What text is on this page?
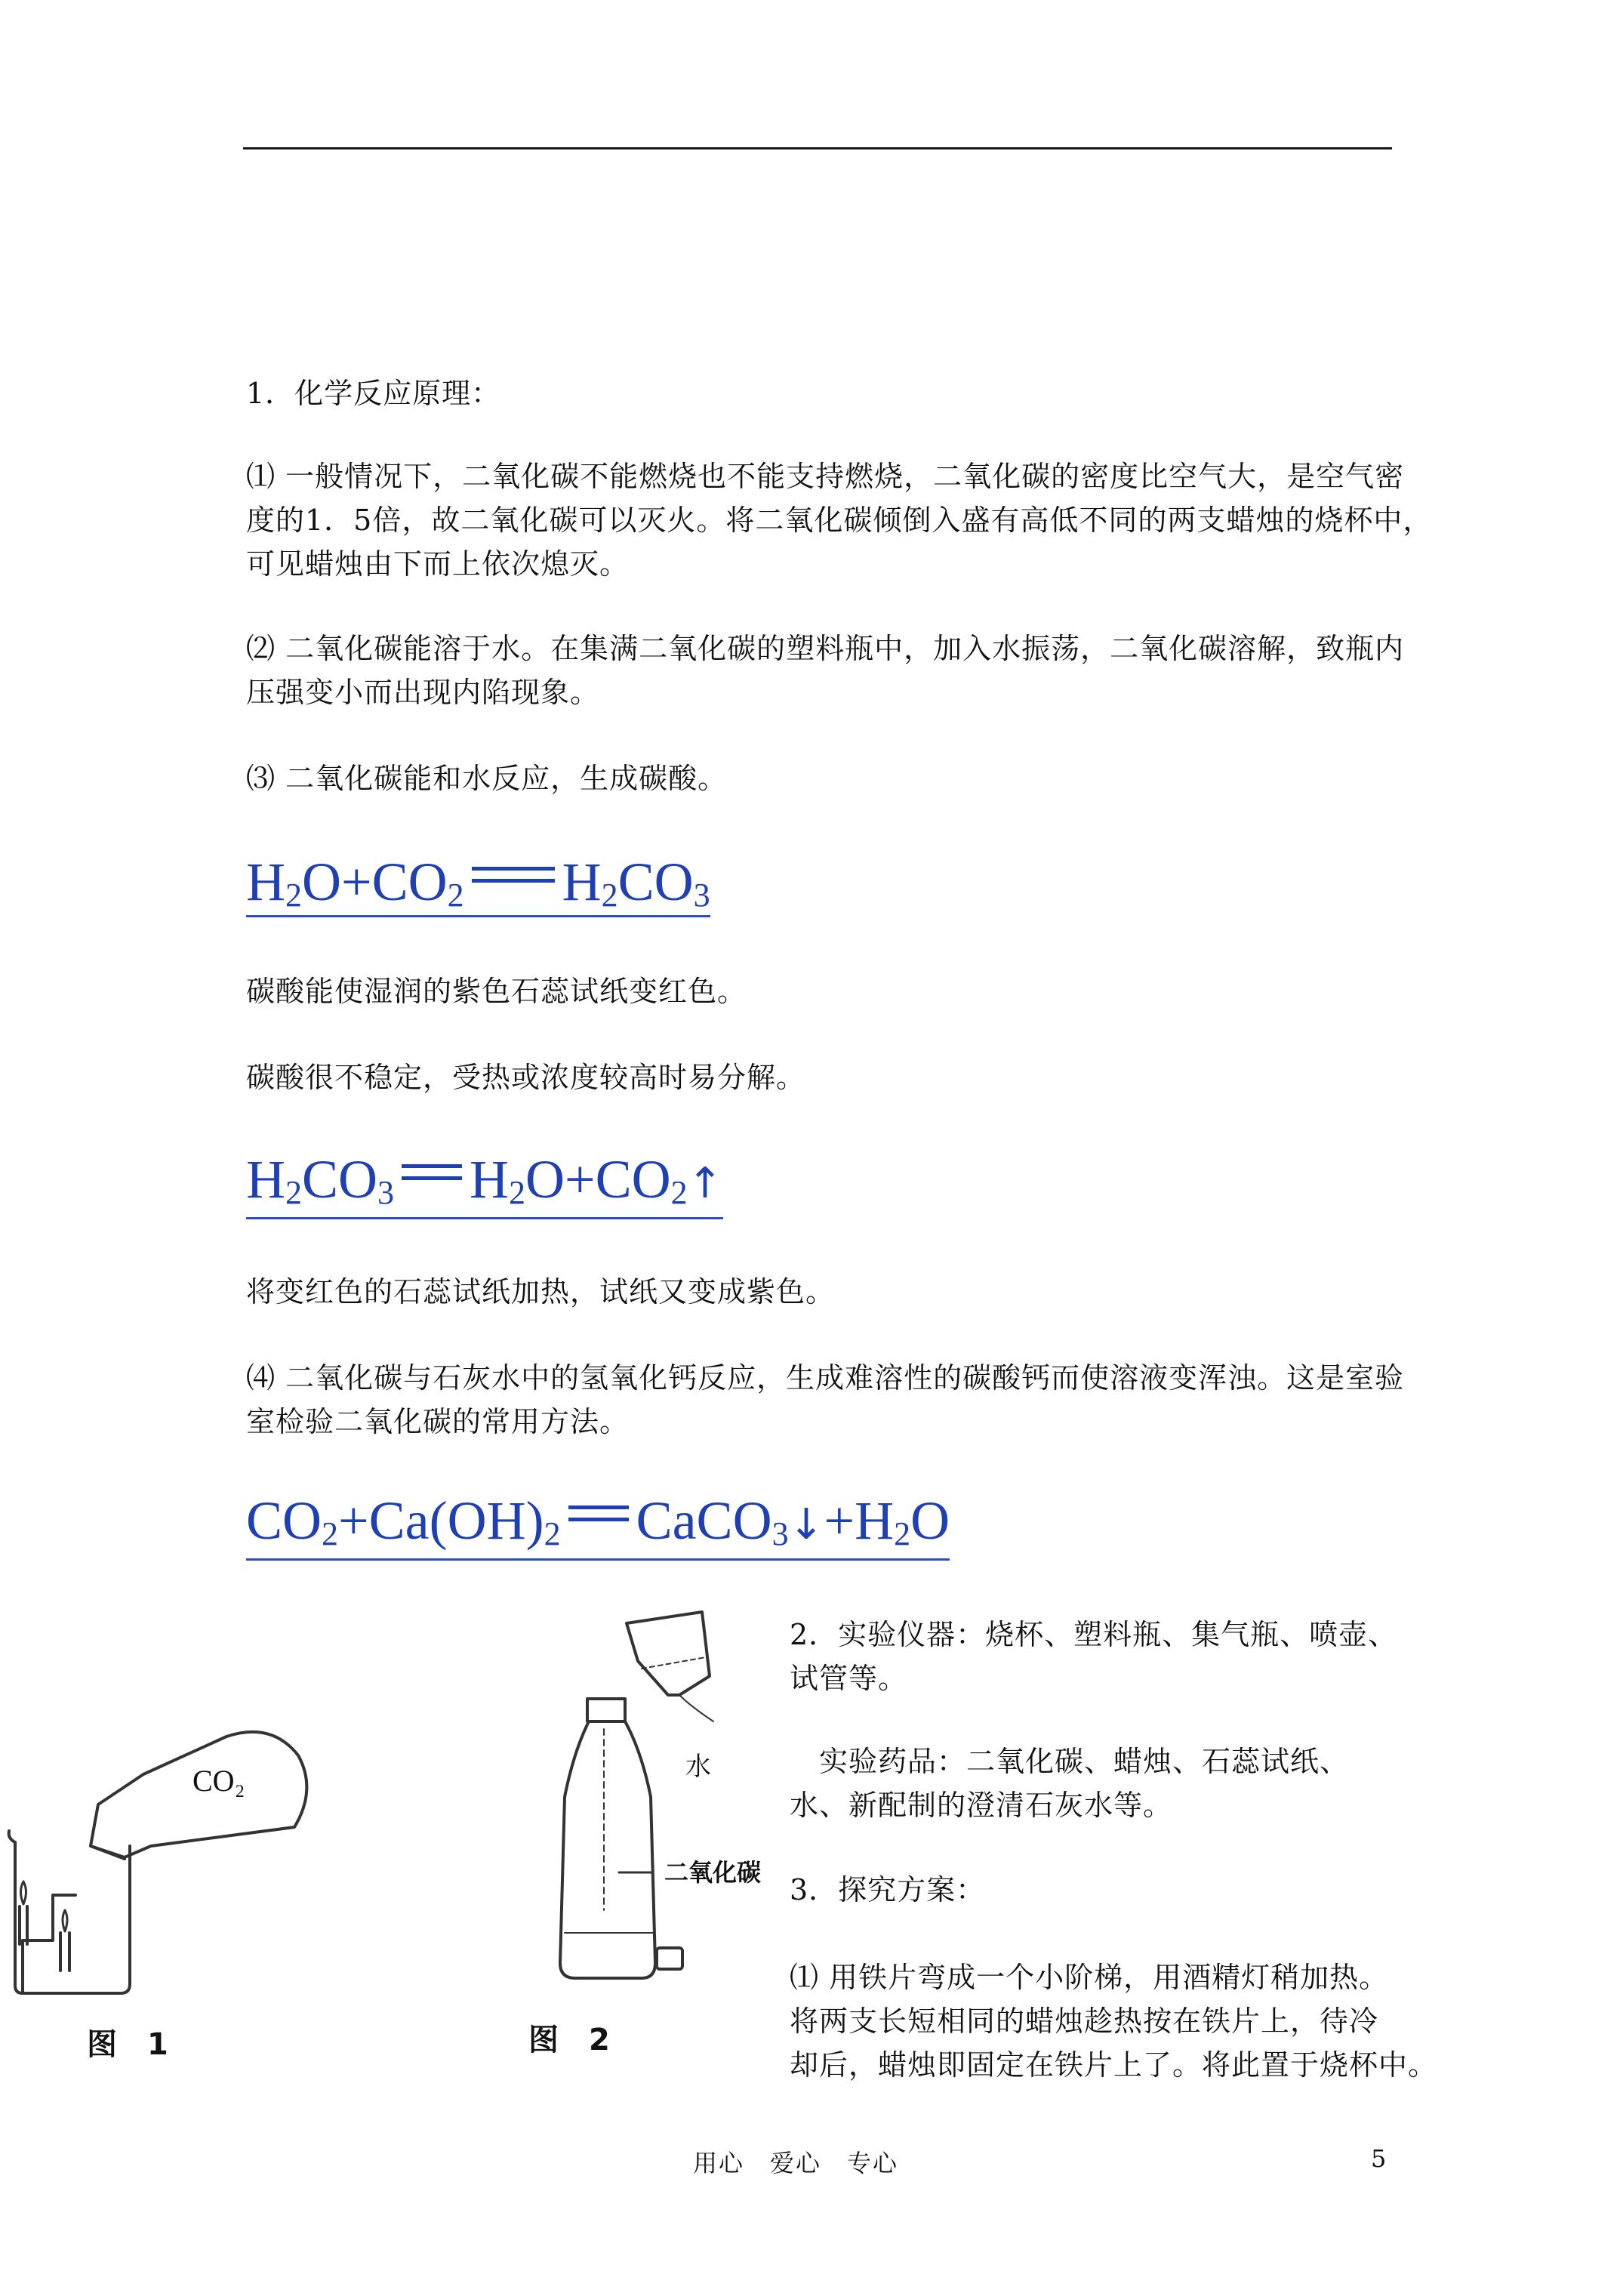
1．化学反应原理：
⑴ 一般情况下，二氧化碳不能燃烧也不能支持燃烧，二氧化碳的密度比空气大，是空气密
度的1．5倍，故二氧化碳可以灭火。将二氧化碳倾倒入盛有高低不同的两支蜡烛的烧杯中，
可见蜡烛由下而上依次熄灭。
⑵ 二氧化碳能溶于水。在集满二氧化碳的塑料瓶中，加入水振荡，二氧化碳溶解，致瓶内
压强变小而出现内陷现象。
⑶ 二氧化碳能和水反应，生成碳酸。
$H_2O+CO_2$ $H_2CO_3$
碳酸能使湿润的紫色石蕊试纸变红色。
碳酸很不稳定，受热或浓度较高时易分解。
$H_2CO_3$ $H_2O+CO_2↑$
将变红色的石蕊试纸加热，试纸又变成紫色。
⑷ 二氧化碳与石灰水中的氢氧化钙反应，生成难溶性的碳酸钙而使溶液变浑浊。这是室验
室检验二氧化碳的常用方法。
$CO_2+Ca(OH)_2$ $CaCO_3↓+H_2O$
CO₂
图　1
水
二氧化碳
图　2
2．实验仪器：烧杯、塑料瓶、集气瓶、喷壶、
试管等。
　实验药品：二氧化碳、蜡烛、石蕊试纸、
水、新配制的澄清石灰水等。
3．探究方案：
⑴ 用铁片弯成一个小阶梯，用酒精灯稍加热。
将两支长短相同的蜡烛趁热按在铁片上，待冷
却后，蜡烛即固定在铁片上了。将此置于烧杯中。
用心　爱心　专心	5
